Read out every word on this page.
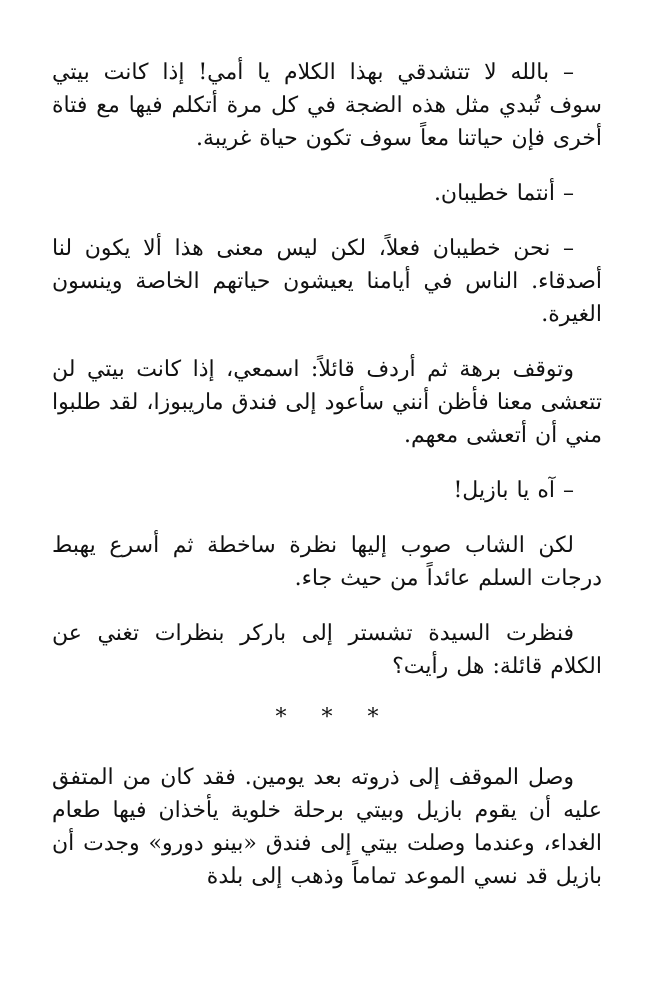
– بالله لا تتشدقي بهذا الكلام يا أمي! إذا كانت بيتي سوف تُبدي مثل هذه الضجة في كل مرة أتكلم فيها مع فتاة أخرى فإن حياتنا معاً سوف تكون حياة غريبة.

– أنتما خطيبان.

– نحن خطيبان فعلاً، لكن ليس معنى هذا ألا يكون لنا أصدقاء. الناس في أيامنا يعيشون حياتهم الخاصة وينسون الغيرة.

وتوقف برهة ثم أردف قائلاً: اسمعي، إذا كانت بيتي لن تتعشى معنا فأظن أنني سأعود إلى فندق ماريبوزا، لقد طلبوا مني أن أتعشى معهم.

– آه يا بازيل!

لكن الشاب صوب إليها نظرة ساخطة ثم أسرع يهبط درجات السلم عائداً من حيث جاء.

فنظرت السيدة تشستر إلى باركر بنظرات تغني عن الكلام قائلة: هل رأيت؟

* * *

وصل الموقف إلى ذروته بعد يومين. فقد كان من المتفق عليه أن يقوم بازيل وبيتي برحلة خلوية يأخذان فيها طعام الغداء، وعندما وصلت بيتي إلى فندق «بينو دورو» وجدت أن بازيل قد نسي الموعد تماماً وذهب إلى بلدة
